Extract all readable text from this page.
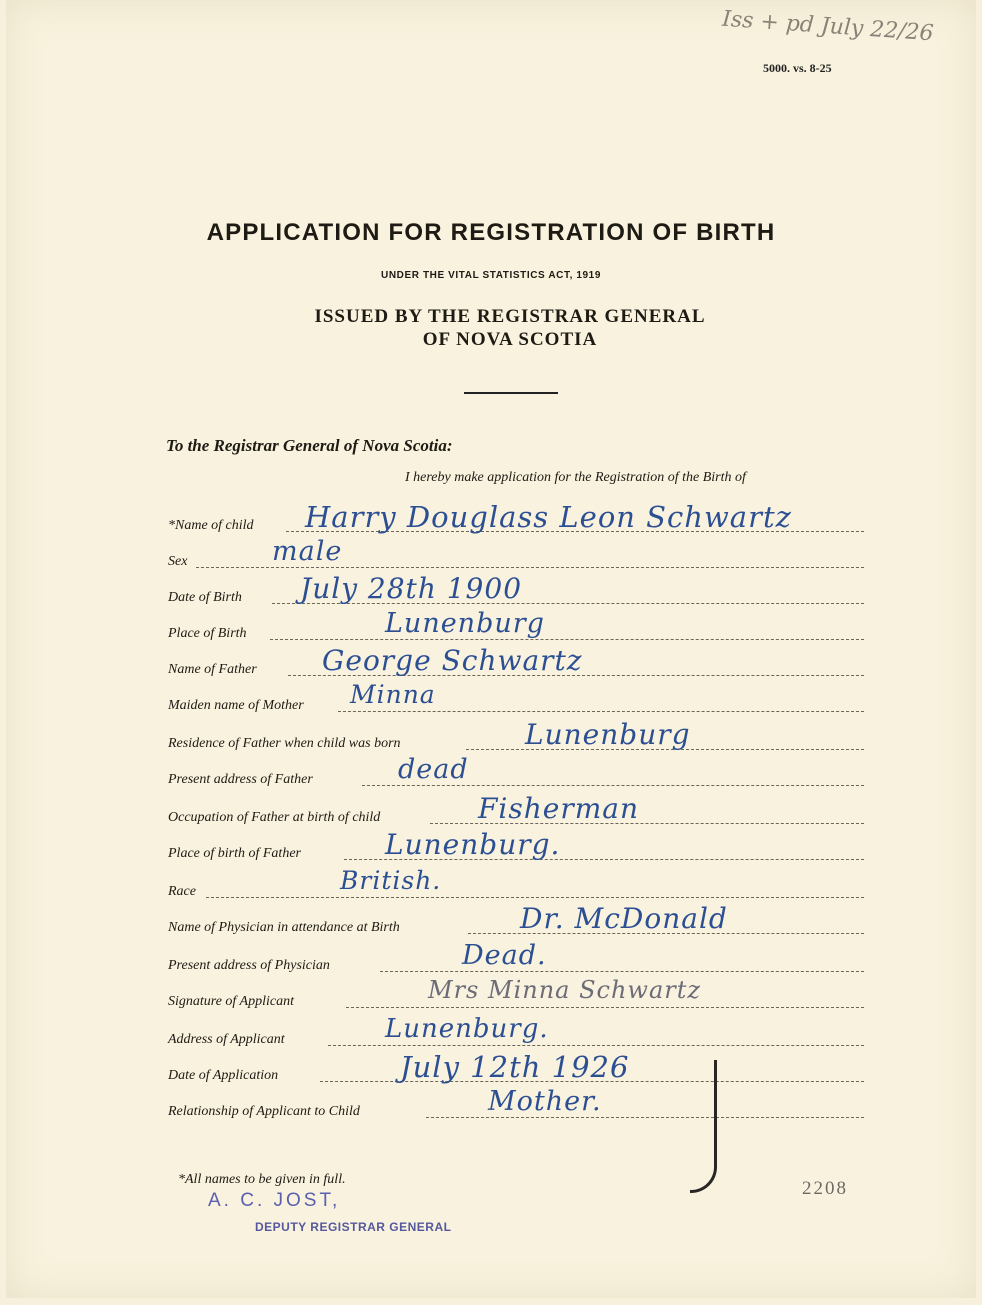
Iss + pd July 22/26
5000. vs. 8-25
APPLICATION FOR REGISTRATION OF BIRTH
UNDER THE VITAL STATISTICS ACT, 1919
ISSUED BY THE REGISTRAR GENERAL
OF NOVA SCOTIA
To the Registrar General of Nova Scotia:
I hereby make application for the Registration of the Birth of
*Name of child
Sex
Date of Birth
Place of Birth
Name of Father
Maiden name of Mother
Residence of Father when child was born
Present address of Father
Occupation of Father at birth of child
Place of birth of Father
Race
Name of Physician in attendance at Birth
Present address of Physician
Signature of Applicant
Address of Applicant
Date of Application
Relationship of Applicant to Child
*All names to be given in full.
A. C. JOST,
DEPUTY REGISTRAR GENERAL
2208
Harry Douglass Leon Schwartz
male
July 28th 1900
Lunenburg
George Schwartz
Minna
Lunenburg
dead
Fisherman
Lunenburg.
British.
Dr. McDonald
Dead.
Mrs Minna Schwartz
Lunenburg.
July 12th 1926
Mother.
